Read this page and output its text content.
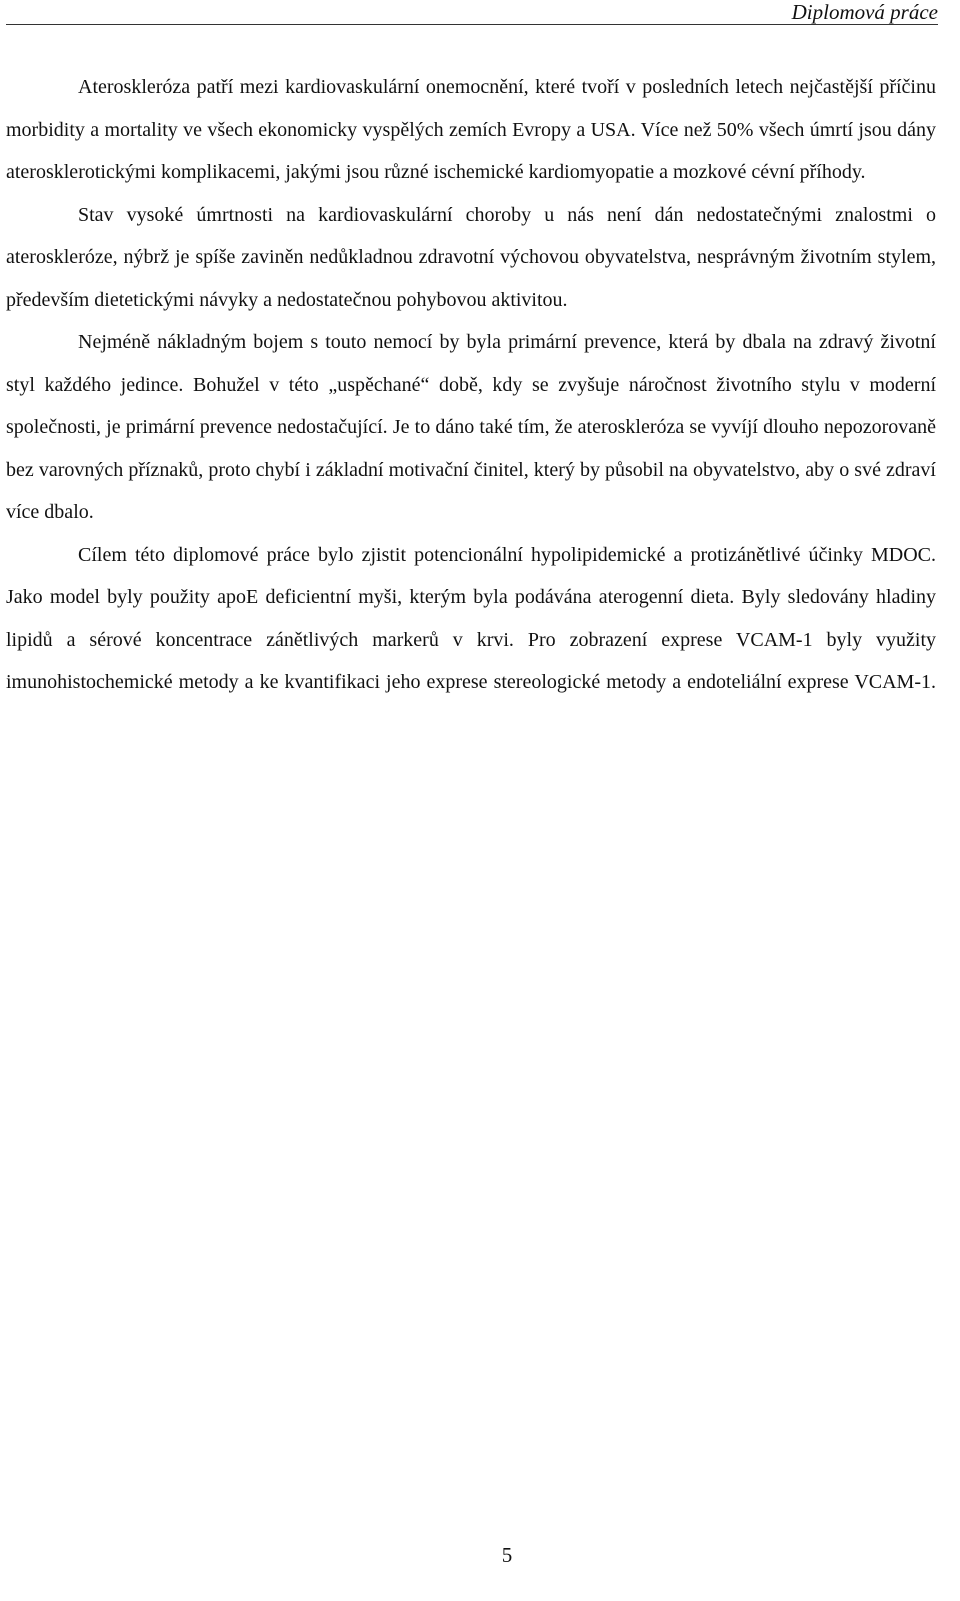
Diplomová práce

Ateroskleróza patří mezi kardiovaskulární onemocnění, které tvoří v posledních letech nejčastější příčinu morbidity a mortality ve všech ekonomicky vyspělých zemích Evropy a USA. Více než 50% všech úmrtí jsou dány aterosklerotickými komplikacemi, jakými jsou různé ischemické kardiomyopatie a mozkové cévní příhody.

Stav vysoké úmrtnosti na kardiovaskulární choroby u nás není dán nedostatečnými znalostmi o ateroskleróze, nýbrž je spíše zaviněn nedůkladnou zdravotní výchovou obyvatelstva, nesprávným životním stylem, především dietetickými návyky a nedostatečnou pohybovou aktivitou.

Nejméně nákladným bojem s touto nemocí by byla primární prevence, která by dbala na zdravý životní styl každého jedince. Bohužel v této „uspěchané“ době, kdy se zvyšuje náročnost životního stylu v moderní společnosti, je primární prevence nedostačující. Je to dáno také tím, že ateroskleróza se vyvíjí dlouho nepozorovaně bez varovných příznaků, proto chybí i základní motivační činitel, který by působil na obyvatelstvo, aby o své zdraví více dbalo.

Cílem této diplomové práce bylo zjistit potencionální hypolipidemické a protizánětlivé účinky MDOC. Jako model byly použity apoE deficientní myši, kterým byla podávána aterogenní dieta. Byly sledovány hladiny lipidů a sérové koncentrace zánětlivých markerů v krvi. Pro zobrazení exprese VCAM-1 byly využity imunohistochemické metody a ke kvantifikaci jeho exprese stereologické metody a endoteliální exprese VCAM-1.

5
